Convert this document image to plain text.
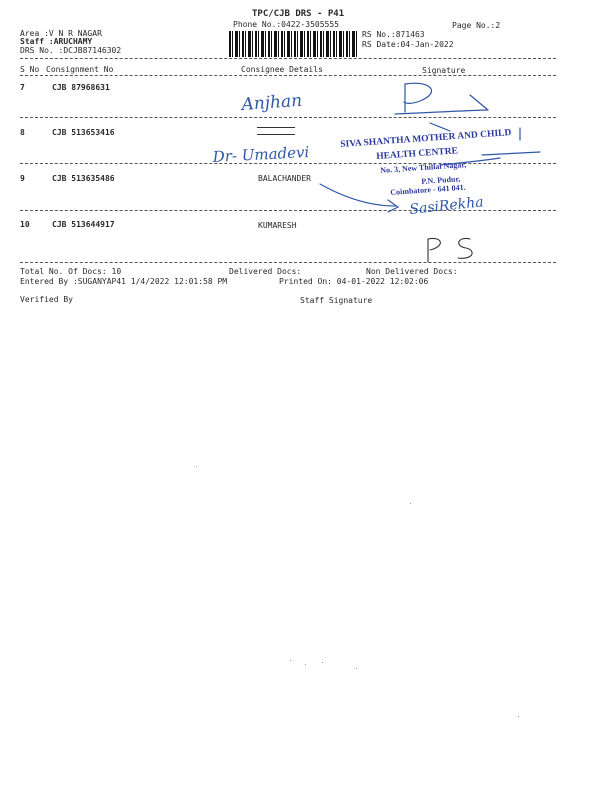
TPC/CJB DRS - P41
Phone No.:0422-3505555	Page No.:2
Area :V N R NAGAR
Staff :ARUCHAMY
DRS No. :DCJB87146302
RS No.:871463
RS Date:04-Jan-2022
S No Consignment No	Consignee Details	Signature
7	CJB 87968631
8	CJB 513653416
9	CJB 513635486	BALACHANDER
10	CJB 513644917	KUMARESH
Anjhan
Dr- Umadevi
SasiRekha
SIVA SHANTHA MOTHER AND CHILD
HEALTH CENTRE
No. 3, New Thillai Nagar,
P.N. Pudur,
Coimbatore - 641 041.
Total No. Of Docs: 10	Delivered Docs:	Non Delivered Docs:
Entered By :SUGANYAP41 1/4/2022 12:01:58 PM	Printed On: 04-01-2022 12:02:06
Verified By	Staff Signature
